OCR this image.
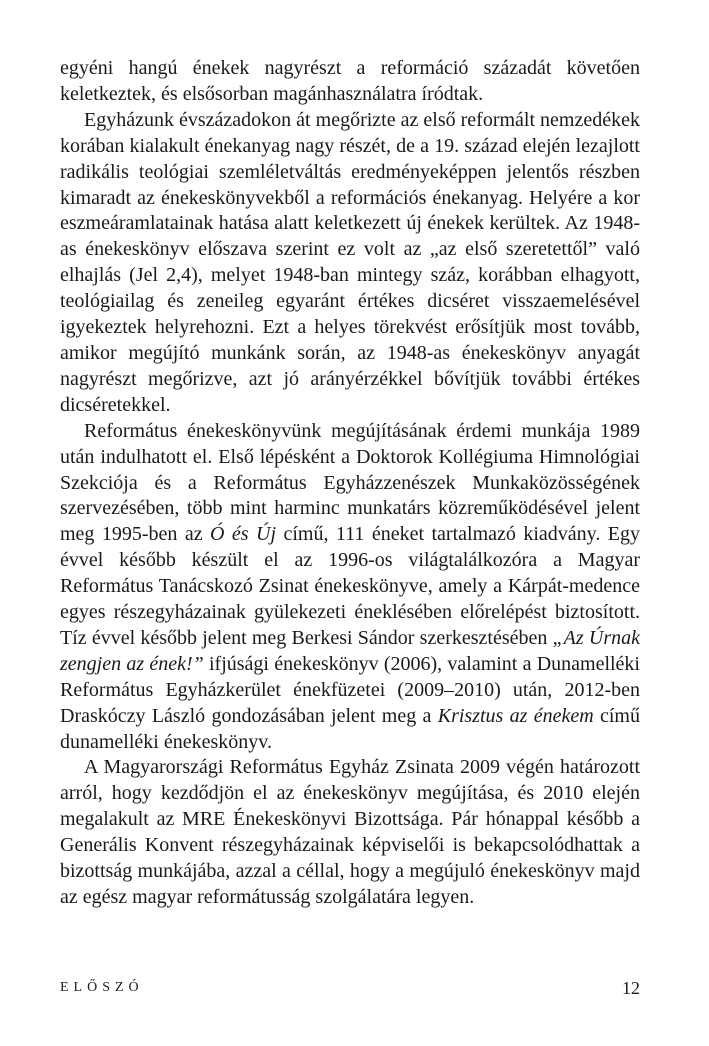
egyéni hangú énekek nagyrészt a reformáció századát követően keletkeztek, és elsősorban magánhasználatra íródtak.

Egyházunk évszázadokon át megőrizte az első reformált nemzedékek korában kialakult énekanyag nagy részét, de a 19. század elején lezajlott radikális teológiai szemléletváltás eredményeképpen jelentős részben kimaradt az énekeskönyvekből a reformációs énekanyag. Helyére a kor eszmeáramlatainak hatása alatt keletkezett új énekek kerültek. Az 1948-as énekeskönyv előszava szerint ez volt az „az első szeretettől” való elhajlás (Jel 2,4), melyet 1948-ban mintegy száz, korábban elhagyott, teológiailag és zeneileg egyaránt értékes dicséret visszaemelésével igyekeztek helyrehozni. Ezt a helyes törekvést erősítjük most tovább, amikor megújító munkánk során, az 1948-as énekeskönyv anyagát nagyrészt megőrizve, azt jó arányérzékkel bővítjük további értékes dicséretekkel.

Református énekeskönyvünk megújításának érdemi munkája 1989 után indulhatott el. Első lépésként a Doktorok Kollégiuma Himnológiai Szekciója és a Református Egyházzenészek Munkaközösségének szervezésében, több mint harminc munkatárs közreműködésével jelent meg 1995-ben az Ó és Új című, 111 éneket tartalmazó kiadvány. Egy évvel később készült el az 1996-os világtalálkozóra a Magyar Református Tanácskozó Zsinat énekeskönyve, amely a Kárpát-medence egyes részegyházainak gyülekezeti éneklésében előrelépést biztosított. Tíz évvel később jelent meg Berkesi Sándor szerkesztésében „Az Úrnak zengjen az ének!” ifjúsági énekeskönyv (2006), valamint a Dunamelléki Református Egyházkerület énekfüzetei (2009–2010) után, 2012-ben Draskóczy László gondozásában jelent meg a Krisztus az énekem című dunamelléki énekeskönyv.

A Magyarországi Református Egyház Zsinata 2009 végén határozott arról, hogy kezdődjön el az énekeskönyv megújítása, és 2010 elején megalakult az MRE Énekeskönyvi Bizottsága. Pár hónappal később a Generális Konvent részegyházainak képviselői is bekapcsolódhattak a bizottság munkájába, azzal a céllal, hogy a megújuló énekeskönyv majd az egész magyar reformátusság szolgálatára legyen.

ELŐSZÓ	12
